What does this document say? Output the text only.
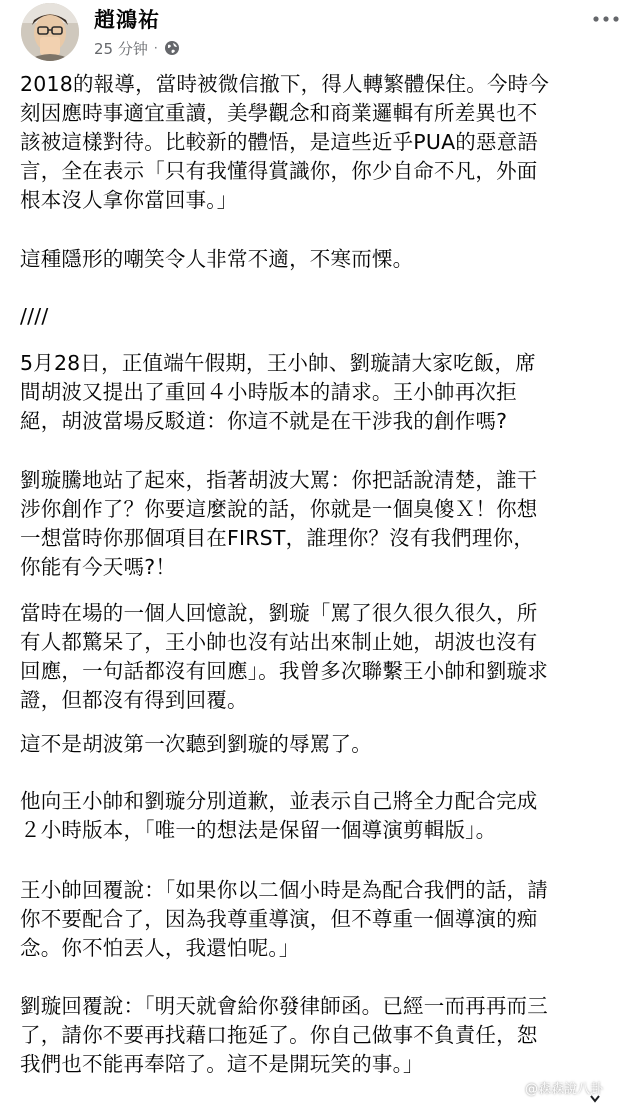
趙鴻祐
25 分钟 ·
2018的報導，當時被微信撤下，得人轉繁體保住。今時今
刻因應時事適宜重讀，美學觀念和商業邏輯有所差異也不
該被這樣對待。比較新的體悟，是這些近乎PUA的惡意語
言，全在表示「只有我懂得賞識你，你少自命不凡，外面
根本沒人拿你當回事。」
這種隱形的嘲笑令人非常不適，不寒而慄。
////
5月28日，正值端午假期，王小帥、劉璇請大家吃飯，席
間胡波又提出了重回４小時版本的請求。王小帥再次拒
絕，胡波當場反駁道：你這不就是在干涉我的創作嗎?
劉璇騰地站了起來，指著胡波大罵：你把話說清楚，誰干
涉你創作了？你要這麼說的話，你就是一個臭傻Ｘ！你想
一想當時你那個項目在FIRST，誰理你？沒有我們理你，
你能有今天嗎?！
當時在場的一個人回憶說，劉璇「罵了很久很久很久，所
有人都驚呆了，王小帥也沒有站出來制止她，胡波也沒有
回應，一句話都沒有回應」。我曾多次聯繫王小帥和劉璇求
證，但都沒有得到回覆。
這不是胡波第一次聽到劉璇的辱罵了。
他向王小帥和劉璇分別道歉，並表示自己將全力配合完成
２小時版本，「唯一的想法是保留一個導演剪輯版」。
王小帥回覆說：「如果你以二個小時是為配合我們的話，請
你不要配合了，因為我尊重導演，但不尊重一個導演的痴
念。你不怕丟人，我還怕呢。」
劉璇回覆說：「明天就會給你發律師函。已經一而再再而三
了，請你不要再找藉口拖延了。你自己做事不負責任，恕
我們也不能再奉陪了。這不是開玩笑的事。」
@森森說八卦
